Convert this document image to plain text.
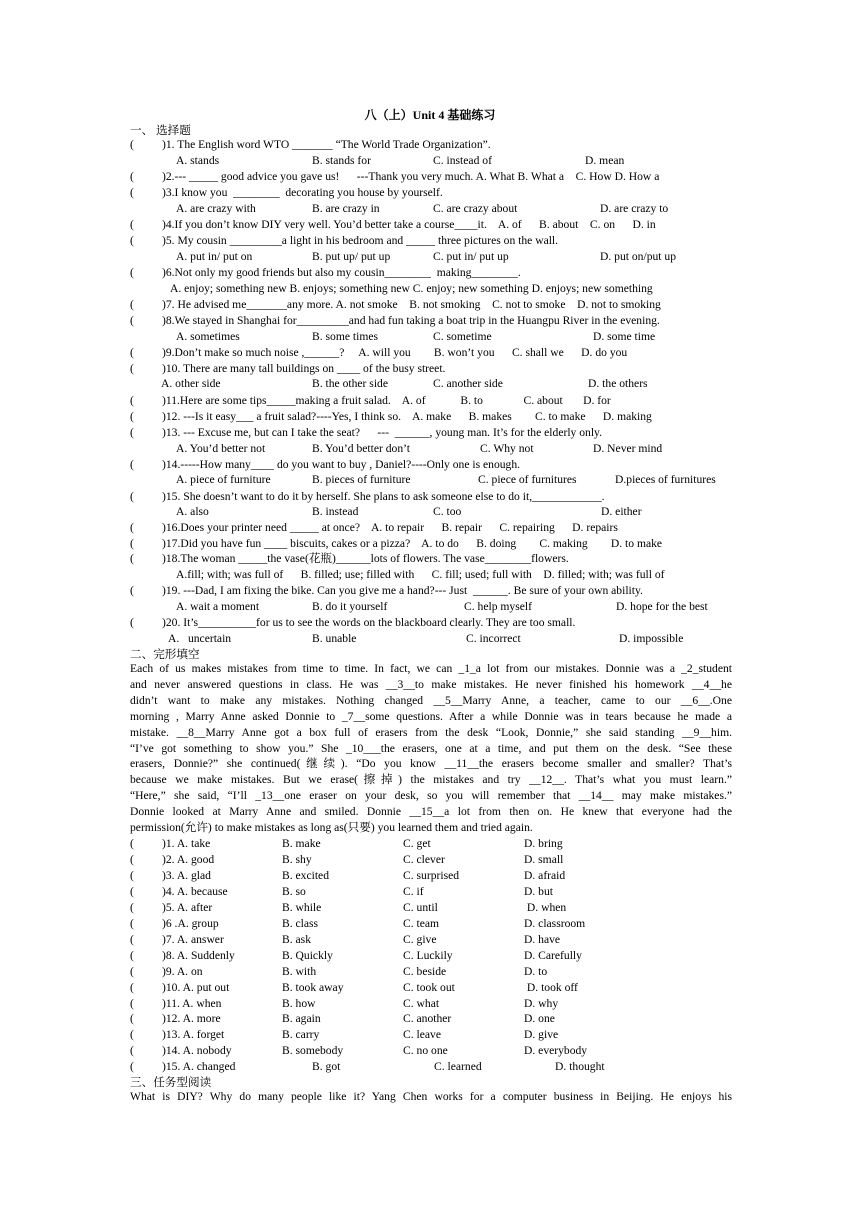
八（上）Unit 4 基础练习
一、 选择题
( )1. The English word WTO _______ “The World Trade Organization”.
A. stands	B. stands for	C. instead of	D. mean
( )2.--- _____ good advice you gave us!      ---Thank you very much. A. What B. What a    C. How D. How a
( )3.I know you  ________  decorating you house by yourself.
A. are crazy with	B. are crazy in	C. are crazy about	D. are crazy to
( )4.If you don’t know DIY very well. You’d better take a course____it.    A. of      B. about    C. on      D. in
( )5. My cousin _________a light in his bedroom and _____ three pictures on the wall.
A. put in/ put on	B. put up/ put up	C. put in/ put up	D. put on/put up
( )6.Not only my good friends but also my cousin________  making________.
A. enjoy; something new B. enjoys; something new C. enjoy; new something D. enjoys; new something
( )7. He advised me_______any more. A. not smoke    B. not smoking    C. not to smoke    D. not to smoking
( )8.We stayed in Shanghai for_________and had fun taking a boat trip in the Huangpu River in the evening.
A. sometimes	B. some times	C. sometime	D. some time
( )9.Don’t make so much noise ,______?     A. will you        B. won’t you      C. shall we      D. do you
( )10. There are many tall buildings on ____ of the busy street.
A. other side	B. the other side	C. another side	D. the others
( )11.Here are some tips_____making a fruit salad.    A. of            B. to              C. about       D. for
( )12. ---Is it easy___ a fruit salad?----Yes, I think so.    A. make      B. makes        C. to make      D. making
( )13. --- Excuse me, but can I take the seat?      ---  ______, young man. It’s for the elderly only.
A. You’d better not	B. You’d better don’t	C. Why not	D. Never mind
( )14.-----How many____ do you want to buy , Daniel?----Only one is enough.
A. piece of furniture	B. pieces of furniture	C. piece of furnitures	D.pieces of furnitures
( )15. She doesn’t want to do it by herself. She plans to ask someone else to do it,____________.
A. also	B. instead	C. too	D. either
( )16.Does your printer need _____ at once?    A. to repair      B. repair      C. repairing      D. repairs
( )17.Did you have fun ____ biscuits, cakes or a pizza?    A. to do      B. doing        C. making        D. to make
( )18.The woman _____the vase(花瓶)______lots of flowers. The vase________flowers.
A.fill; with; was full of      B. filled; use; filled with      C. fill; used; full with    D. filled; with; was full of
( )19. ---Dad, I am fixing the bike. Can you give me a hand?--- Just  ______. Be sure of your own ability.
A. wait a moment	B. do it yourself	C. help myself	D. hope for the best
( )20. It’s__________for us to see the words on the blackboard clearly. They are too small.
A.   uncertain	B. unable	C. incorrect	D. impossible
二、完形填空

Each of us makes mistakes from time to time. In fact, we can _1_a lot from our mistakes. Donnie was a _2_student

and never answered questions in class. He was __3__to make mistakes. He never finished his homework __4__he

didn’t want to make any mistakes. Nothing changed __5__Marry Anne, a teacher, came to our __6__.One

morning , Marry Anne asked Donnie to _7__some questions. After a while Donnie was in tears because he made a

mistake. __8__Marry Anne got a box full of erasers from the desk “Look, Donnie,” she said standing __9__him.

“I’ve got something to show you.” She _10___the erasers, one at a time, and put them on the desk. “See these

erasers, Donnie?” she continued(继续). “Do you know __11__the erasers become smaller and smaller? That’s

because we make mistakes. But we erase(擦掉) the mistakes and try __12__. That’s what you must learn.”

“Here,” she said, “I’ll _13__one eraser on your desk, so you will remember that __14__ may make mistakes.”

Donnie looked at Marry Anne and smiled. Donnie __15__a lot from then on. He knew that everyone had the

permission(允许) to make mistakes as long as(只要) you learned them and tried again.

( )1. A. take	B. make	C. get	D. bring
( )2. A. good	B. shy	C. clever	D. small
( )3. A. glad	B. excited	C. surprised	D. afraid
( )4. A. because	B. so	C. if	D. but
( )5. A. after	B. while	C. until	D. when
( )6 .A. group	B. class	C. team	D. classroom
( )7. A. answer	B. ask	C. give	D. have
( )8. A. Suddenly	B. Quickly	C. Luckily	D. Carefully
( )9. A. on	B. with	C. beside	D. to
( )10. A. put out	B. took away	C. took out	D. took off
( )11. A. when	B. how	C. what	D. why
( )12. A. more	B. again	C. another	D. one
( )13. A. forget	B. carry	C. leave	D. give
( )14. A. nobody	B. somebody	C. no one	D. everybody
( )15. A. changed	B. got	C. learned	D. thought
三、任务型阅读

What is DIY? Why do many people like it? Yang Chen works for a computer business in Beijing. He enjoys his
